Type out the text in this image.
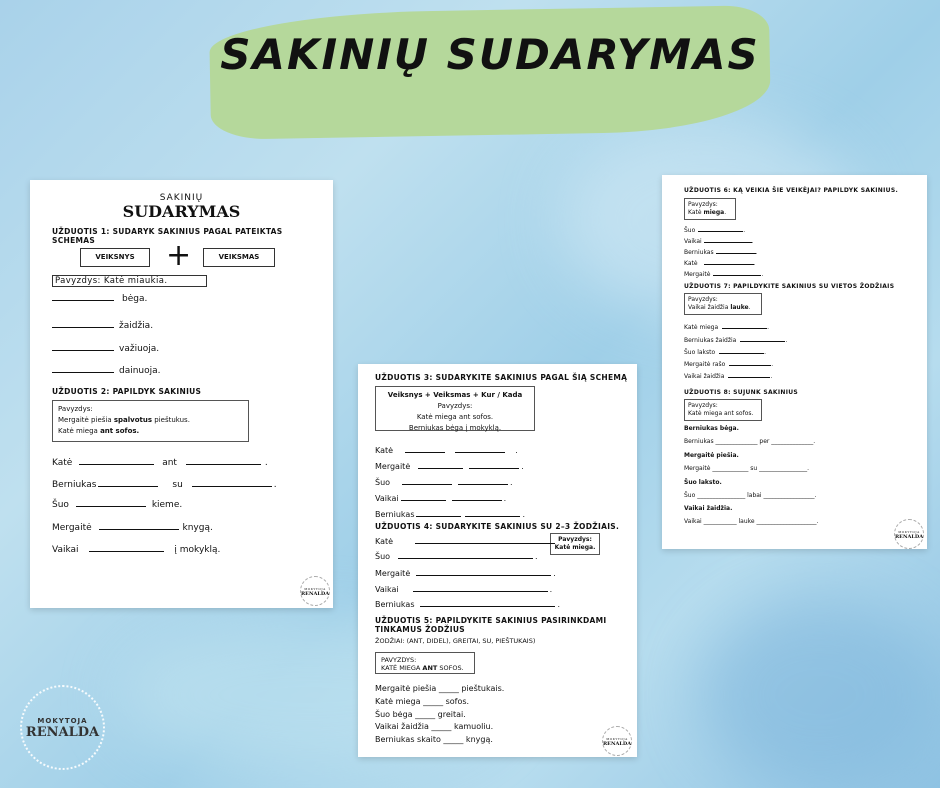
SAKINIŲ SUDARYMAS
SAKINIŲ
SUDARYMAS
UŽDUOTIS 1: SUDARYK SAKINIUS PAGAL PATEIKTAS SCHEMAS
VEIKSNYS	+	VEIKSMAS
Pavyzdys: Katė miaukia.
bėga.
žaidžia.
važiuoja.
dainuoja.
UŽDUOTIS 2: PAPILDYK SAKINIUS
Pavyzdys:
Mergaitė piešia spalvotus pieštukus.
Katė miega ant sofos.
Katė	ant	.
Berniukas	su	.
Šuo	kieme.
Mergaitė	knygą.
Vaikai	į mokyklą.
MOKYTOJA
RENALDA
UŽDUOTIS 3: SUDARYKITE SAKINIUS PAGAL ŠIĄ SCHEMĄ
Veiksnys + Veiksmas + Kur / Kada
Pavyzdys:
Katė miega ant sofos.
Berniukas bėga į mokyklą.
Katė	.
Mergaitė	.
Šuo	.
Vaikai	.
Berniukas	.
UŽDUOTIS 4: SUDARYKITE SAKINIUS SU 2–3 ŽODŽIAIS.
Pavyzdys:
Katė miega.
Katė
Šuo	.
Mergaitė	.
Vaikai	.
Berniukas	.
UŽDUOTIS 5: PAPILDYKITE SAKINIUS PASIRINKDAMI TINKAMUS ŽODŽIUS
ŽODŽIAI: (ANT, DIDEL), GREITAI, SU, PIEŠTUKAIS)
PAVYZDYS:
KATĖ MIEGA ANT SOFOS.
Mergaitė piešia _____ pieštukais.
Katė miega _____ sofos.
Šuo bėga _____ greitai.
Vaikai žaidžia _____ kamuoliu.
Berniukas skaito _____ knygą.	MOKYTOJA
RENALDA
UŽDUOTIS 6: KĄ VEIKIA ŠIE VEIKĖJAI? PAPILDYK SAKINIUS.
Pavyzdys:
Katė miega.
Šuo	.
Vaikai	.
Berniukas	.
Katė	.
Mergaitė	.
UŽDUOTIS 7: PAPILDYKITE SAKINIUS SU VIETOS ŽODŽIAIS
Pavyzdys:
Vaikai žaidžia lauke.
Katė miega	.
Berniukas žaidžia	.
Šuo laksto	.
Mergaitė rašo	.
Vaikai žaidžia	.
UŽDUOTIS 8: SUJUNK SAKINIUS
Pavyzdys:
Katė miega ant sofos.
Berniukas bėga.
Berniukas ______________ per ______________.
Mergaitė piešia.
Mergaitė ____________ su ________________.
Šuo laksto.
Šuo ________________ labai _________________.
Vaikai žaidžia.
Vaikai ___________ lauke ____________________.
MOKYTOJA
RENALDA
MOKYTOJA
RENALDA
